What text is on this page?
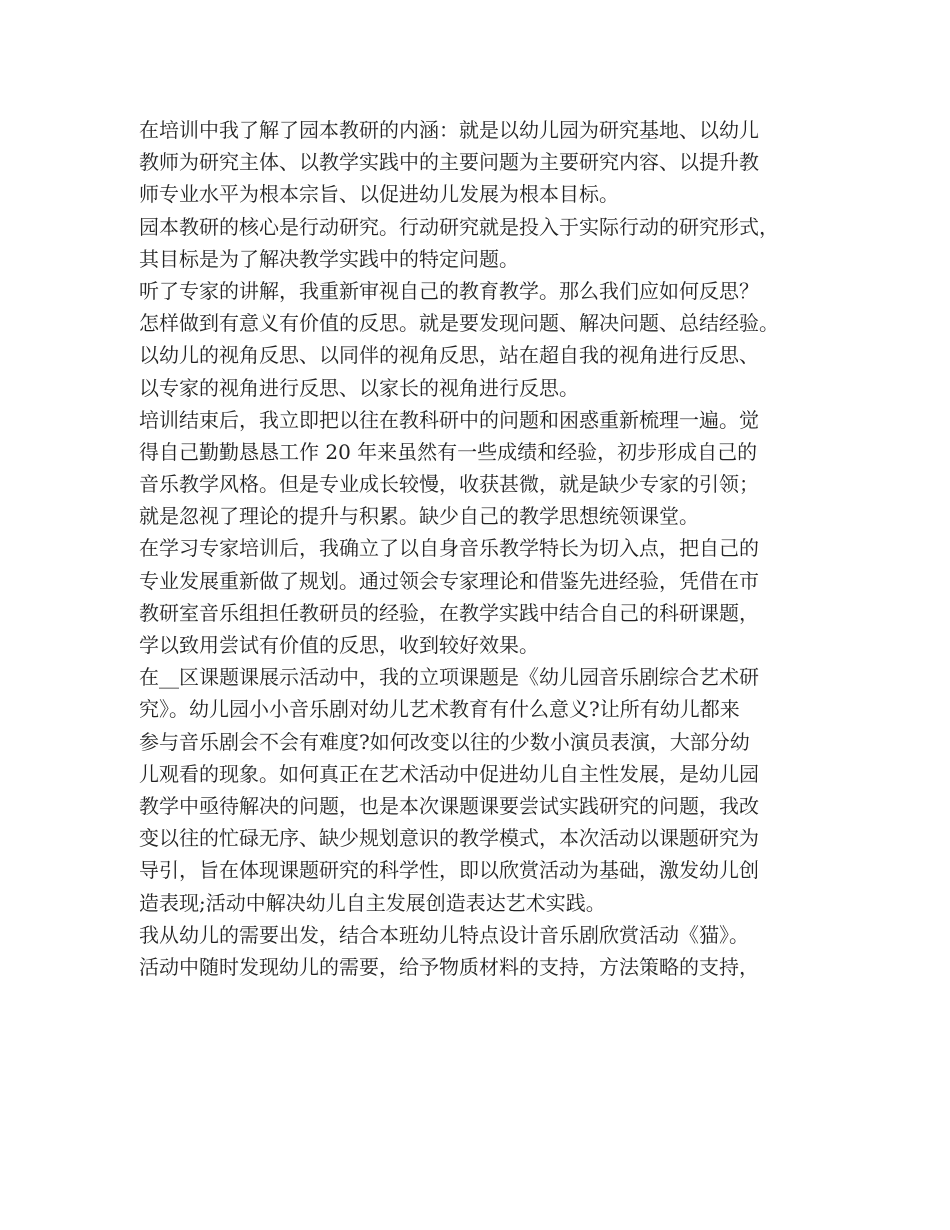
在培训中我了解了园本教研的内涵：就是以幼儿园为研究基地、以幼儿
教师为研究主体、以教学实践中的主要问题为主要研究内容、以提升教
师专业水平为根本宗旨、以促进幼儿发展为根本目标。
园本教研的核心是行动研究。行动研究就是投入于实际行动的研究形式，
其目标是为了解决教学实践中的特定问题。
听了专家的讲解，我重新审视自己的教育教学。那么我们应如何反思？
怎样做到有意义有价值的反思。就是要发现问题、解决问题、总结经验。
以幼儿的视角反思、以同伴的视角反思，站在超自我的视角进行反思、
以专家的视角进行反思、以家长的视角进行反思。
培训结束后，我立即把以往在教科研中的问题和困惑重新梳理一遍。觉
得自己勤勤恳恳工作 20 年来虽然有一些成绩和经验，初步形成自己的
音乐教学风格。但是专业成长较慢，收获甚微，就是缺少专家的引领；
就是忽视了理论的提升与积累。缺少自己的教学思想统领课堂。
在学习专家培训后，我确立了以自身音乐教学特长为切入点，把自己的
专业发展重新做了规划。通过领会专家理论和借鉴先进经验，凭借在市
教研室音乐组担任教研员的经验，在教学实践中结合自己的科研课题，
学以致用尝试有价值的反思，收到较好效果。
在__区课题课展示活动中，我的立项课题是《幼儿园音乐剧综合艺术研
究》。幼儿园小小音乐剧对幼儿艺术教育有什么意义?让所有幼儿都来
参与音乐剧会不会有难度?如何改变以往的少数小演员表演，大部分幼
儿观看的现象。如何真正在艺术活动中促进幼儿自主性发展，是幼儿园
教学中亟待解决的问题，也是本次课题课要尝试实践研究的问题，我改
变以往的忙碌无序、缺少规划意识的教学模式，本次活动以课题研究为
导引，旨在体现课题研究的科学性，即以欣赏活动为基础，激发幼儿创
造表现;活动中解决幼儿自主发展创造表达艺术实践。
我从幼儿的需要出发，结合本班幼儿特点设计音乐剧欣赏活动《猫》。
活动中随时发现幼儿的需要，给予物质材料的支持，方法策略的支持，
